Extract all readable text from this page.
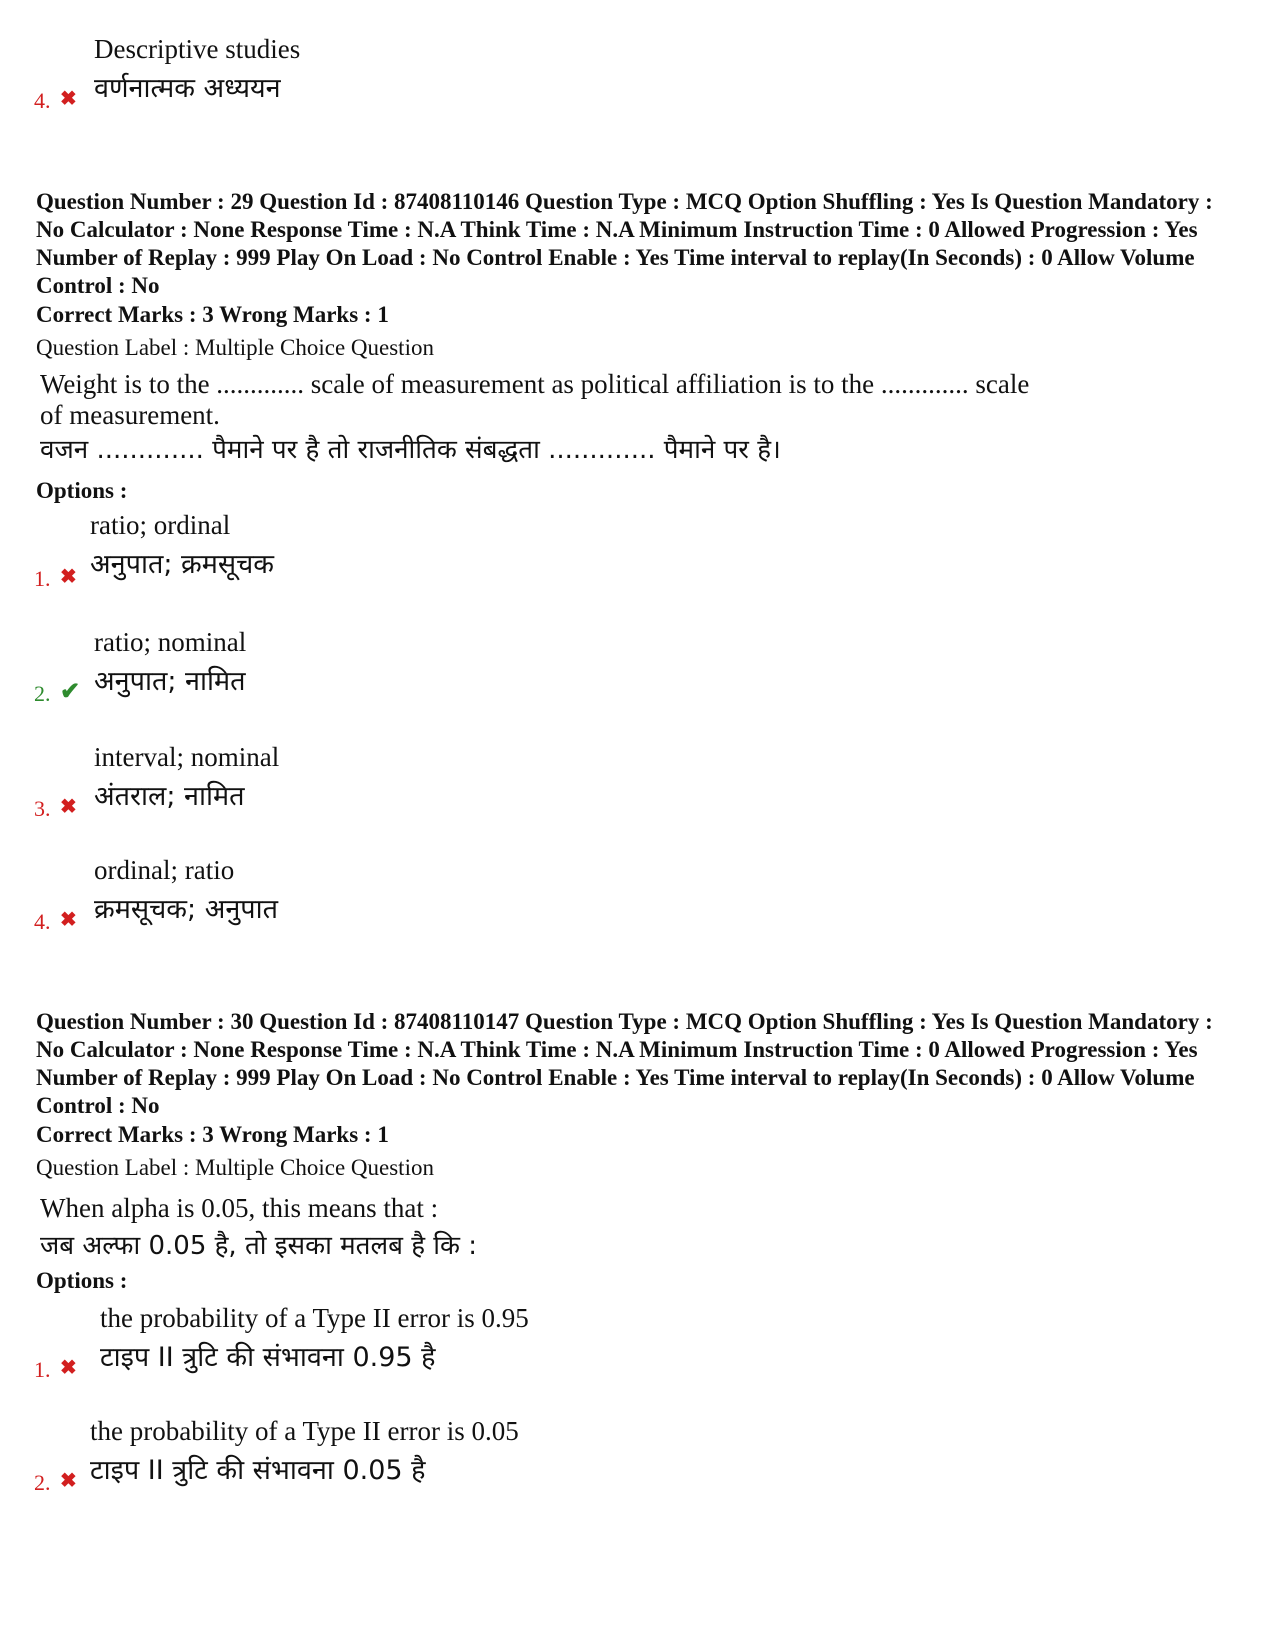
Descriptive studies
वर्णनात्मक अध्ययन
4. ✖
Question Number : 29 Question Id : 87408110146 Question Type : MCQ Option Shuffling : Yes Is Question Mandatory : No Calculator : None Response Time : N.A Think Time : N.A Minimum Instruction Time : 0 Allowed Progression : Yes Number of Replay : 999 Play On Load : No Control Enable : Yes Time interval to replay(In Seconds) : 0 Allow Volume Control : No
Correct Marks : 3 Wrong Marks : 1
Question Label : Multiple Choice Question
Weight is to the ............. scale of measurement as political affiliation is to the ............. scale of measurement.
वजन ............. पैमाने पर है तो राजनीतिक संबद्धता ............. पैमाने पर है।
Options :
ratio; ordinal
अनुपात; क्रमसूचक
1. ✖
ratio; nominal
अनुपात; नामित
2. ✔
interval; nominal
अंतराल; नामित
3. ✖
ordinal; ratio
क्रमसूचक; अनुपात
4. ✖
Question Number : 30 Question Id : 87408110147 Question Type : MCQ Option Shuffling : Yes Is Question Mandatory : No Calculator : None Response Time : N.A Think Time : N.A Minimum Instruction Time : 0 Allowed Progression : Yes Number of Replay : 999 Play On Load : No Control Enable : Yes Time interval to replay(In Seconds) : 0 Allow Volume Control : No
Correct Marks : 3 Wrong Marks : 1
Question Label : Multiple Choice Question
When alpha is 0.05, this means that :
जब अल्फा 0.05 है, तो इसका मतलब है कि :
Options :
the probability of a Type II error is 0.95
टाइप II त्रुटि की संभावना 0.95 है
1. ✖
the probability of a Type II error is 0.05
टाइप II त्रुटि की संभावना 0.05 है
2. ✖
